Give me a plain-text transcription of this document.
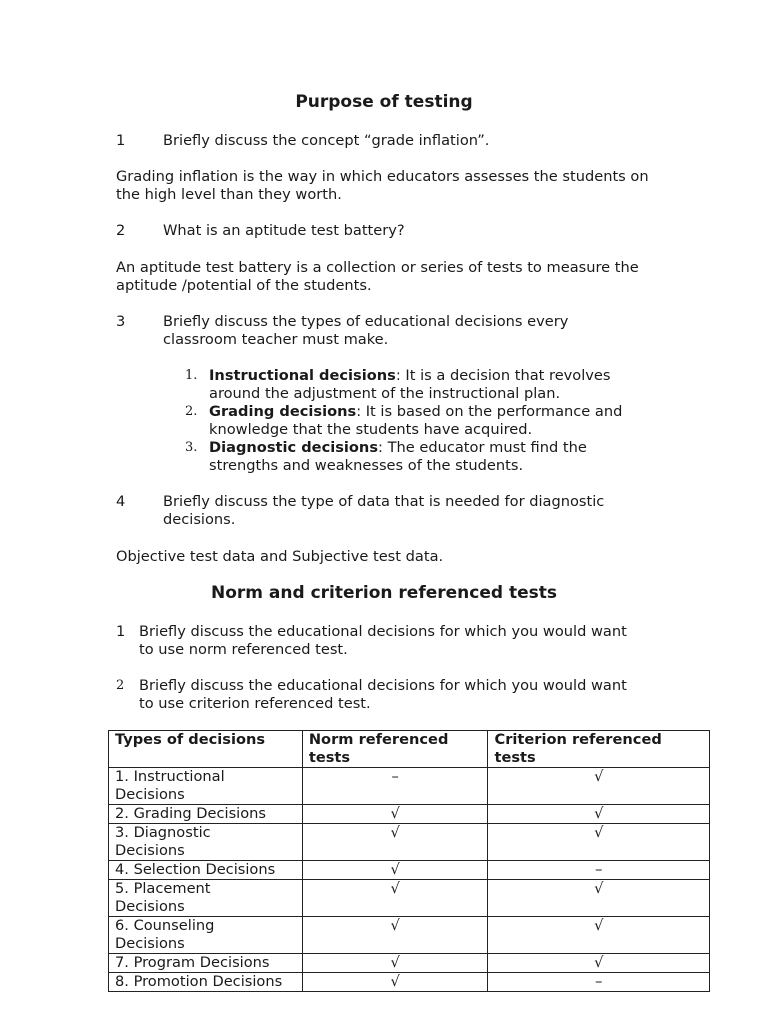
Purpose of testing
1	Briefly discuss the concept “grade inflation”.

Grading inflation is the way in which educators assesses the students on the high level than they worth.

2	What is an aptitude test battery?

An aptitude test battery is a collection or series of tests to measure the aptitude /potential of the students.

3	Briefly discuss the types of educational decisions every classroom teacher must make.
1. Instructional decisions: It is a decision that revolves around the adjustment of the instructional plan.
2. Grading decisions: It is based on the performance and knowledge that the students have acquired.
3. Diagnostic decisions: The educator must find the strengths and weaknesses of the students.
4	Briefly discuss the type of data that is needed for diagnostic decisions.

Objective test data and Subjective test data.

Norm and criterion referenced tests
1 Briefly discuss the educational decisions for which you would want to use norm referenced test.
2 Briefly discuss the educational decisions for which you would want to use criterion referenced test.
Types of decisions	Norm referenced tests	Criterion referenced tests
1. Instructional Decisions	–	√
2. Grading Decisions	√	√
3. Diagnostic Decisions	√	√
4. Selection Decisions	√	–
5. Placement Decisions	√	√
6. Counseling Decisions	√	√
7. Program Decisions	√	√
8. Promotion Decisions	√	–
